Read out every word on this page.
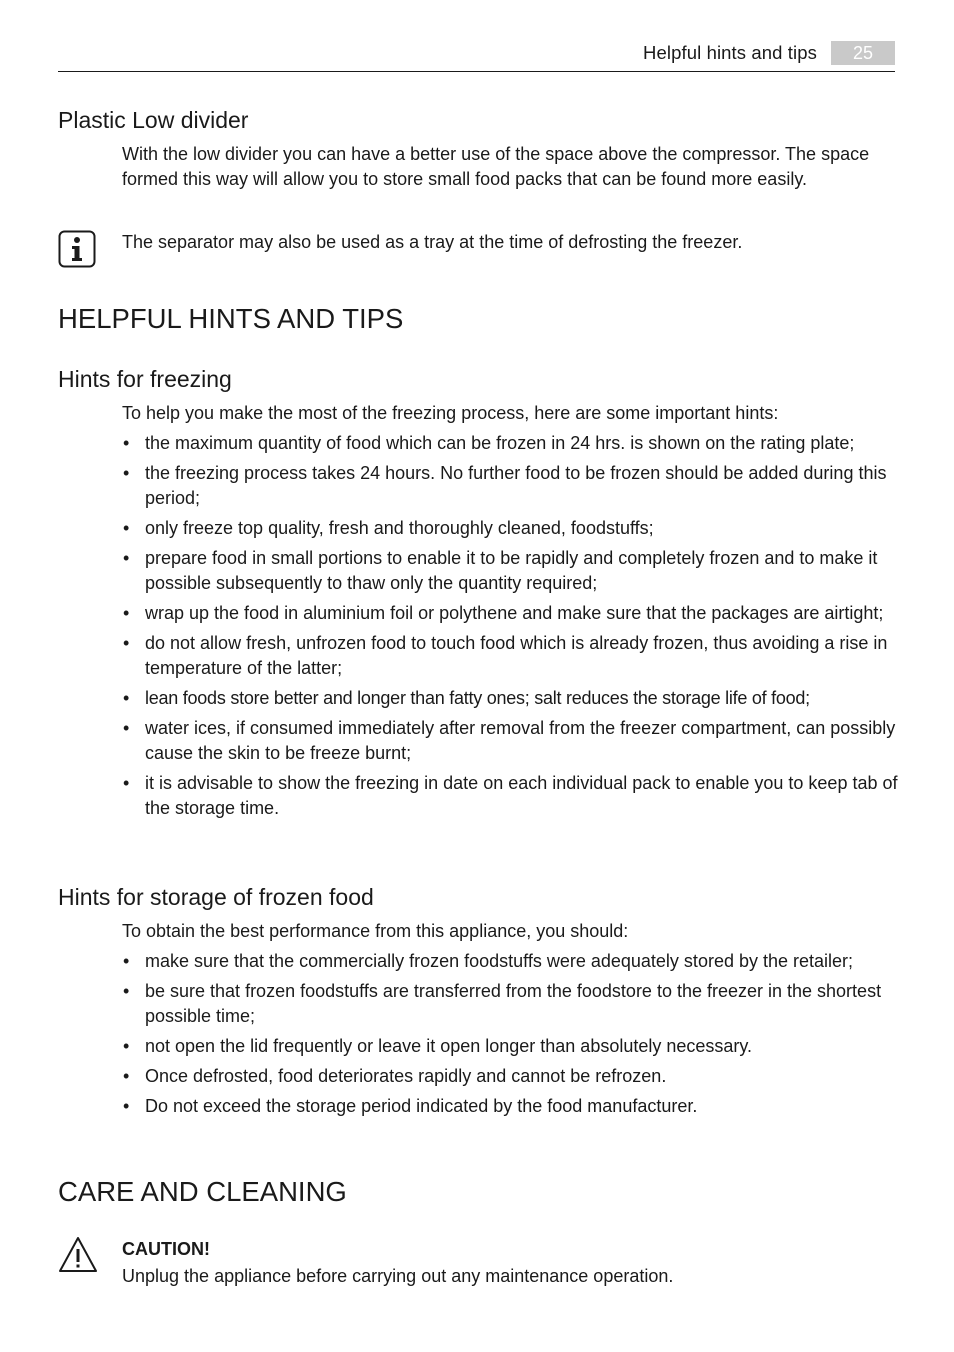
Helpful hints and tips	25
Plastic Low divider

With the low divider you can have a better use of the space above the compressor. The space formed this way will allow you to store small food packs that can be found more easily.

The separator may also be used as a tray at the time of defrosting the freezer.

HELPFUL HINTS AND TIPS
Hints for freezing

To help you make the most of the freezing process, here are some important hints:

• the maximum quantity of food which can be frozen in 24 hrs. is shown on the rating plate;
• the freezing process takes 24 hours. No further food to be frozen should be added during this period;
• only freeze top quality, fresh and thoroughly cleaned, foodstuffs;
• prepare food in small portions to enable it to be rapidly and completely frozen and to make it possible subsequently to thaw only the quantity required;
• wrap up the food in aluminium foil or polythene and make sure that the packages are airtight;
• do not allow fresh, unfrozen food to touch food which is already frozen, thus avoiding a rise in temperature of the latter;
• lean foods store better and longer than fatty ones; salt reduces the storage life of food;
• water ices, if consumed immediately after removal from the freezer compartment, can possibly cause the skin to be freeze burnt;
• it is advisable to show the freezing in date on each individual pack to enable you to keep tab of the storage time.
Hints for storage of frozen food

To obtain the best performance from this appliance, you should:

• make sure that the commercially frozen foodstuffs were adequately stored by the retailer;
• be sure that frozen foodstuffs are transferred from the foodstore to the freezer in the shortest possible time;
• not open the lid frequently or leave it open longer than absolutely necessary.
• Once defrosted, food deteriorates rapidly and cannot be refrozen.
• Do not exceed the storage period indicated by the food manufacturer.
CARE AND CLEANING

CAUTION!

Unplug the appliance before carrying out any maintenance operation.
